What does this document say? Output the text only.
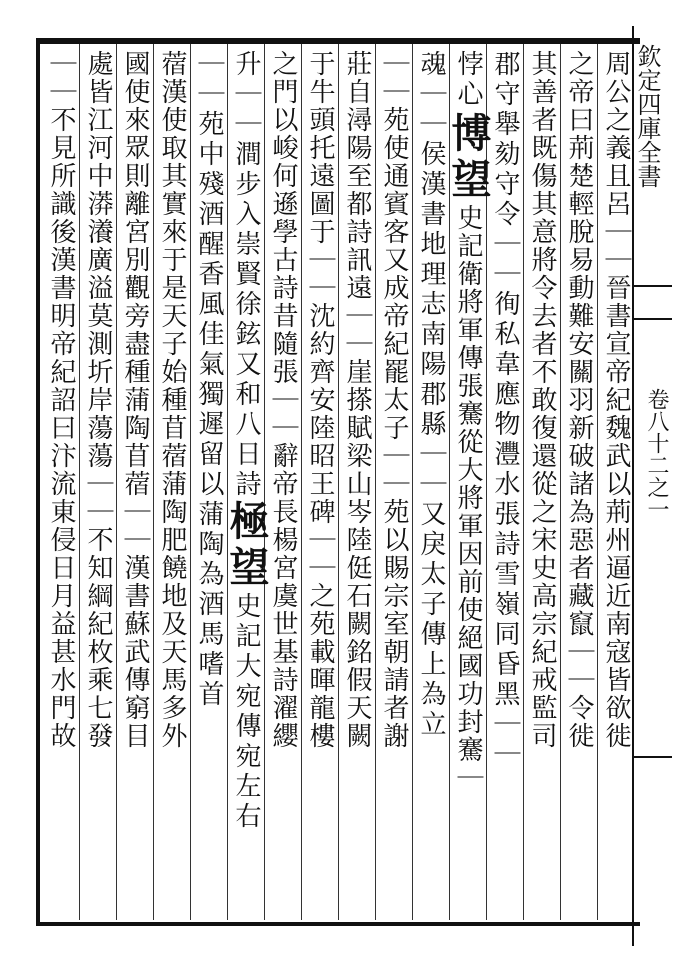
欽定四庫全書
卷八十二之一
周公之義且呂｜｜晉書宣帝紀魏武以荊州逼近南寇皆欲徙
之帝曰荊楚輕脫易動難安關羽新破諸為惡者藏竄｜｜令徙
其善者既傷其意將令去者不敢復還從之宋史高宗紀戒監司
郡守舉劾守令｜｜徇私韋應物灃水張詩雪嶺同昏黑｜｜
悖心
博望史記衛將軍傳張騫從大將軍因前使絕國功封騫｜
魂｜｜侯漢書地理志南陽郡縣｜｜又戾太子傳上為立
｜｜苑使通賓客又成帝紀罷太子｜｜苑以賜宗室朝請者謝
莊自潯陽至都詩訊遠｜｜崖搽賦梁山岑陸侹石闕銘假天闕
于牛頭托遠圖于｜｜沈約齊安陸昭王碑｜｜之苑載暉龍樓
之門以峻何遜學古詩昔隨張｜｜辭帝長楊宮虞世基詩濯纓
升｜｜澗步入崇賢徐鉉又和八日詩極望史記大宛傳宛左右
｜｜苑中殘酒醒香風佳氣獨遲留以蒲陶為酒馬嗜首
蓿漢使取其實來于是天子始種苜蓿蒲陶肥饒地及天馬多外
國使來眾則離宮別觀旁盡種蒲陶苜蓿｜｜漢書蘇武傳窮目
處皆江河中漭瀁廣溢莫測圻岸蕩蕩｜｜不知綱紀枚乘七發
｜｜不見所識後漢書明帝紀詔曰汴流東侵日月益甚水門故
